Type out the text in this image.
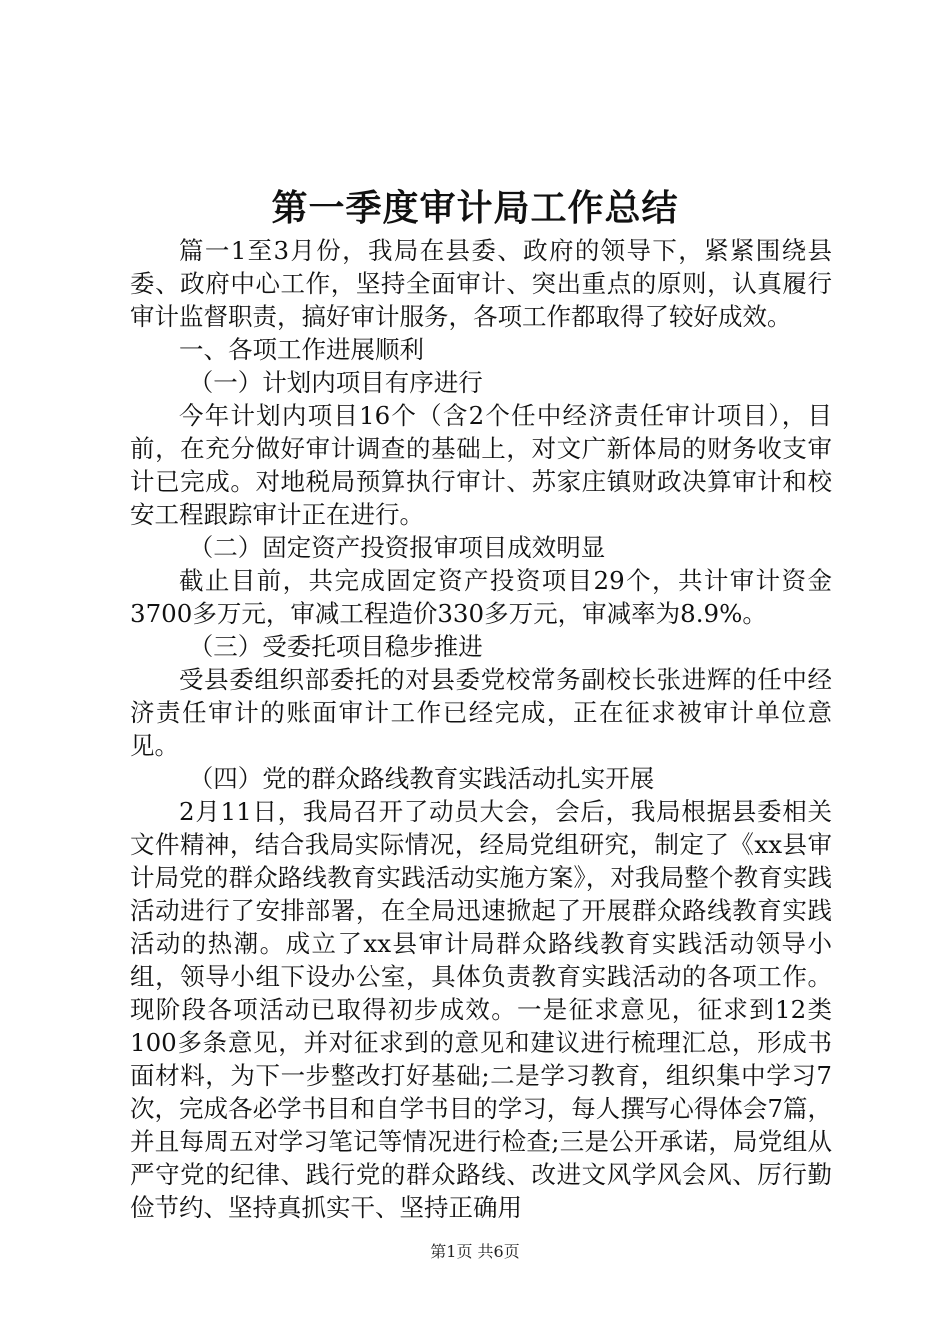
第一季度审计局工作总结

篇一1至3月份，我局在县委、政府的领导下，紧紧围绕县委、政府中心工作，坚持全面审计、突出重点的原则，认真履行审计监督职责，搞好审计服务，各项工作都取得了较好成效。

一、各项工作进展顺利

（一）计划内项目有序进行

今年计划内项目16个（含2个任中经济责任审计项目），目前，在充分做好审计调查的基础上，对文广新体局的财务收支审计已完成。对地税局预算执行审计、苏家庄镇财政决算审计和校安工程跟踪审计正在进行。

（二）固定资产投资报审项目成效明显

截止目前，共完成固定资产投资项目29个，共计审计资金3700多万元，审减工程造价330多万元，审减率为8.9%。

（三）受委托项目稳步推进

受县委组织部委托的对县委党校常务副校长张进辉的任中经济责任审计的账面审计工作已经完成，正在征求被审计单位意见。

（四）党的群众路线教育实践活动扎实开展

2月11日，我局召开了动员大会，会后，我局根据县委相关文件精神，结合我局实际情况，经局党组研究，制定了《xx县审计局党的群众路线教育实践活动实施方案》，对我局整个教育实践活动进行了安排部署，在全局迅速掀起了开展群众路线教育实践活动的热潮。成立了xx县审计局群众路线教育实践活动领导小组，领导小组下设办公室，具体负责教育实践活动的各项工作。现阶段各项活动已取得初步成效。一是征求意见，征求到12类100多条意见，并对征求到的意见和建议进行梳理汇总，形成书面材料，为下一步整改打好基础;二是学习教育，组织集中学习7次，完成各必学书目和自学书目的学习，每人撰写心得体会7篇，并且每周五对学习笔记等情况进行检查;三是公开承诺，局党组从严守党的纪律、践行党的群众路线、改进文风学风会风、厉行勤俭节约、坚持真抓实干、坚持正确用

第1页 共6页
